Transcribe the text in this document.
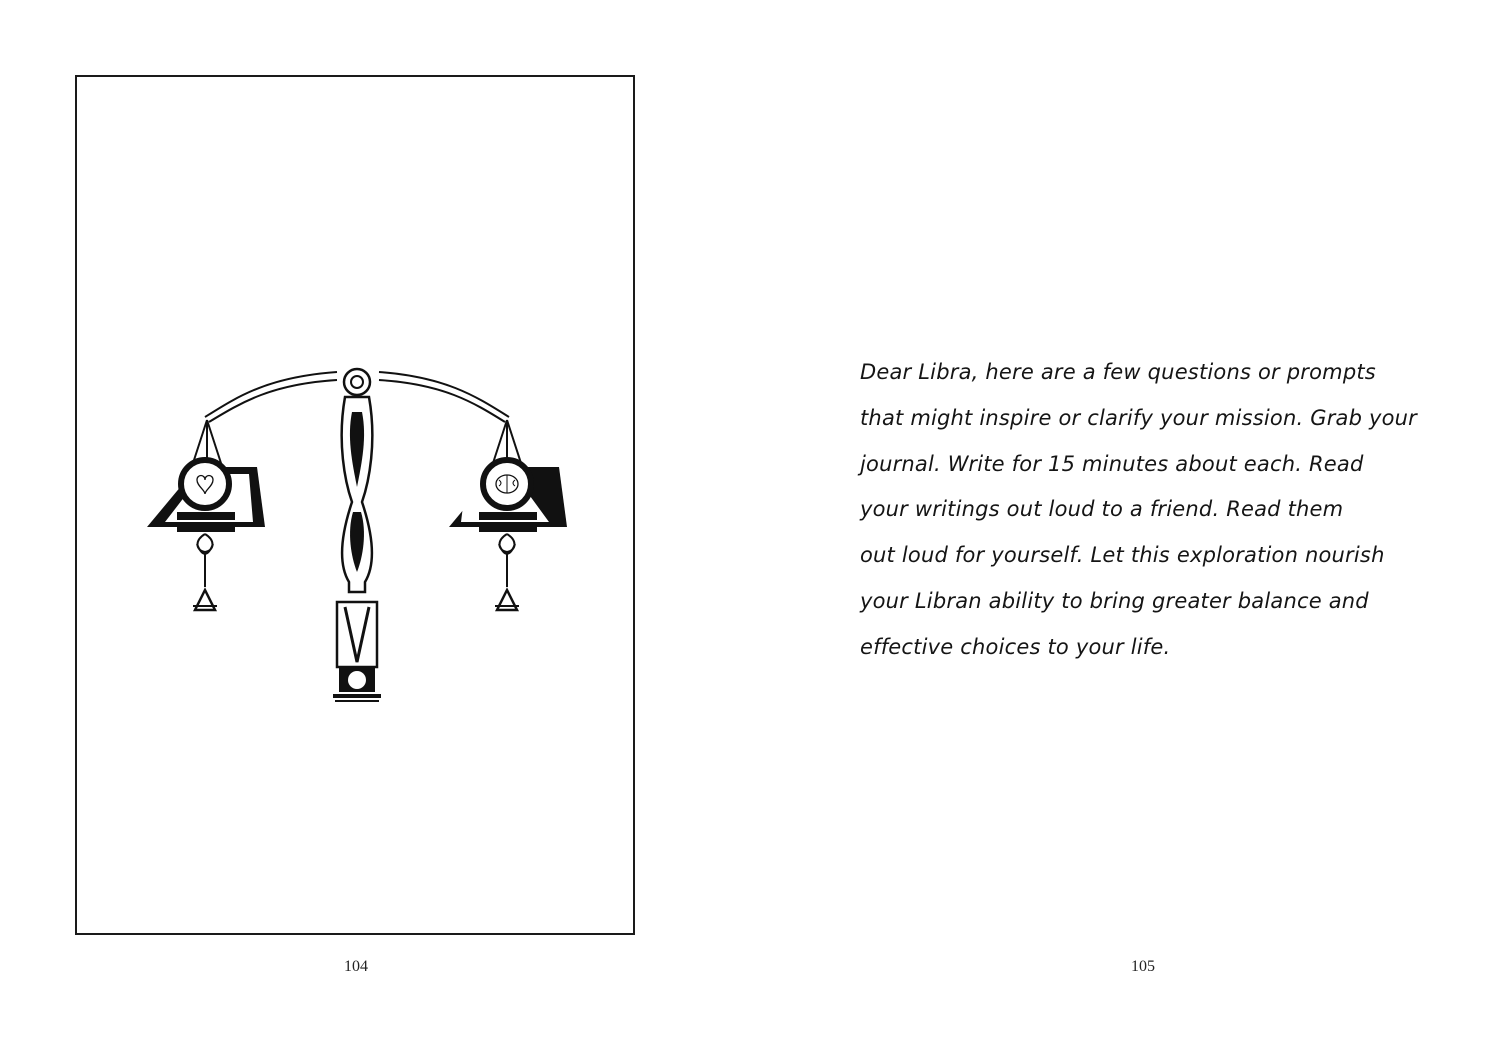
104
Dear Libra, here are a few questions or prompts
that might inspire or clarify your mission. Grab your
journal. Write for 15 minutes about each. Read
your writings out loud to a friend. Read them
out loud for yourself. Let this exploration nourish
your Libran ability to bring greater balance and
effective choices to your life.
105
